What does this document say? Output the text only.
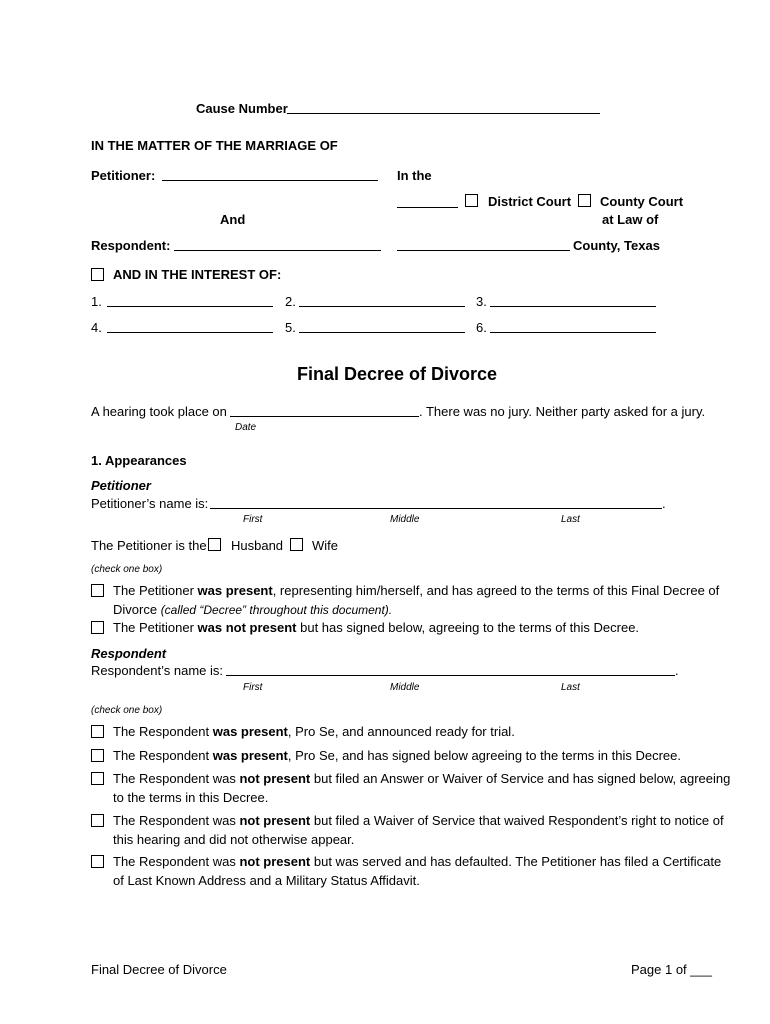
Cause Number
IN THE MATTER OF THE MARRIAGE OF
Petitioner:	In the
District Court County Court
at Law of
And
Respondent:	County, Texas
AND IN THE INTEREST OF:
1.	2.	3.
4.	5.	6.
Final Decree of Divorce
A hearing took place on	. There was no jury. Neither party asked for a jury.
Date
1. Appearances
Petitioner
Petitioner’s name is:	.
First	Middle	Last
The Petitioner is the Husband Wife
(check one box)
The Petitioner was present, representing him/herself, and has agreed to the terms of this Final Decree of
Divorce (called “Decree” throughout this document).
The Petitioner was not present but has signed below, agreeing to the terms of this Decree.
Respondent
Respondent’s name is:	.
First	Middle	Last
(check one box)
The Respondent was present, Pro Se, and announced ready for trial.
The Respondent was present, Pro Se, and has signed below agreeing to the terms in this Decree.
The Respondent was not present but filed an Answer or Waiver of Service and has signed below, agreeing
to the terms in this Decree.
The Respondent was not present but filed a Waiver of Service that waived Respondent’s right to notice of
this hearing and did not otherwise appear.
The Respondent was not present but was served and has defaulted. The Petitioner has filed a Certificate
of Last Known Address and a Military Status Affidavit.
Final Decree of Divorce	Page 1 of ___
